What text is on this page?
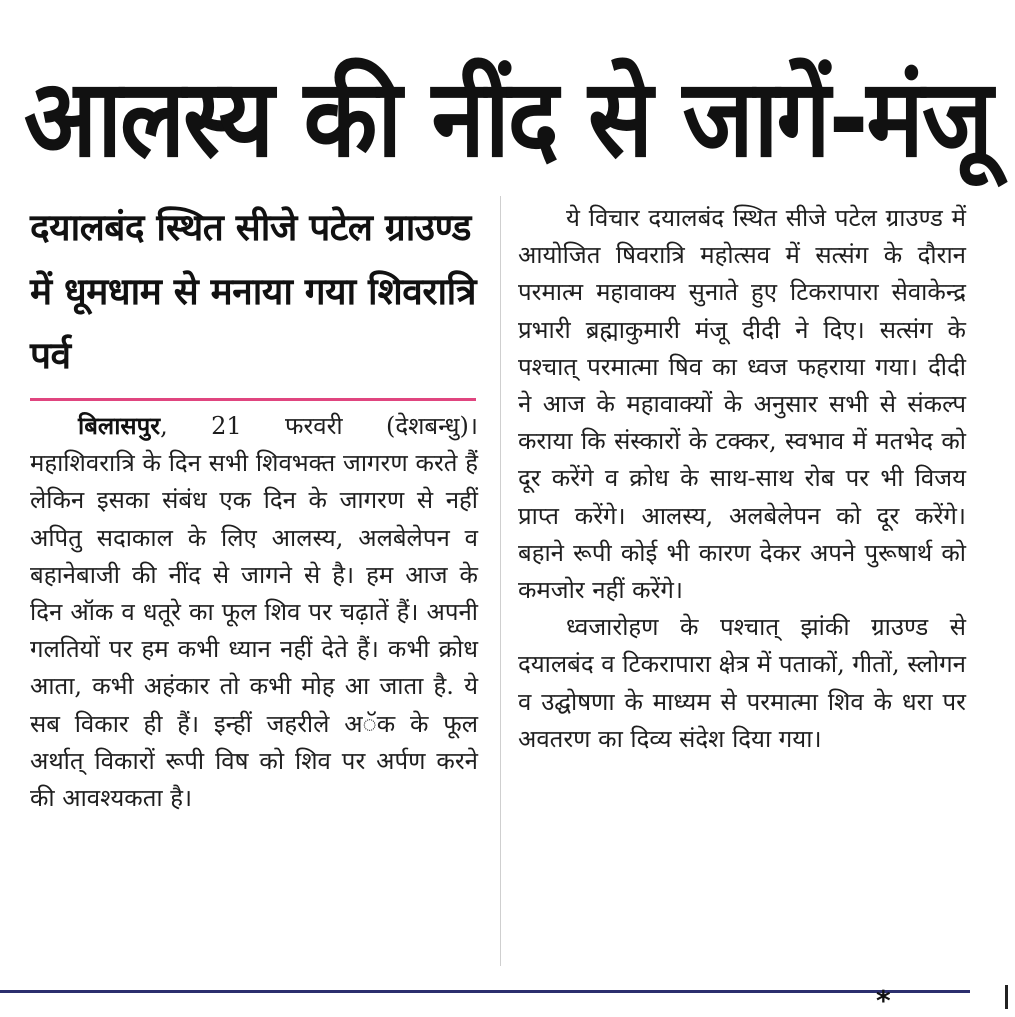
आलस्य की नींद से जागें-मंजू
दयालबंद स्थित सीजे पटेल ग्राउण्ड में धूमधाम से मनाया गया शिवरात्रि पर्व

बिलासपुर, 21 फरवरी (देशबन्धु)। महाशिवरात्रि के दिन सभी शिवभक्त जागरण करते हैं लेकिन इसका संबंध एक दिन के जागरण से नहीं अपितु सदाकाल के लिए आलस्य, अलबेलेपन व बहानेबाजी की नींद से जागने से है। हम आज के दिन ऑक व धतूरे का फूल शिव पर चढ़ातें हैं। अपनी गलतियों पर हम कभी ध्यान नहीं देते हैं। कभी क्रोध आता, कभी अहंकार तो कभी मोह आ जाता है. ये सब विकार ही हैं। इन्हीं जहरीले अॅक के फूल अर्थात् विकारों रूपी विष को शिव पर अर्पण करने की आवश्यकता है।

ये विचार दयालबंद स्थित सीजे पटेल ग्राउण्ड में आयोजित षिवरात्रि महोत्सव में सत्संग के दौरान परमात्म महावाक्य सुनाते हुए टिकरापारा सेवाकेन्द्र प्रभारी ब्रह्माकुमारी मंजू दीदी ने दिए। सत्संग के पश्चात् परमात्मा षिव का ध्वज फहराया गया। दीदी ने आज के महावाक्यों के अनुसार सभी से संकल्प कराया कि संस्कारों के टक्कर, स्वभाव में मतभेद को दूर करेंगे व क्रोध के साथ-साथ रोब पर भी विजय प्राप्त करेंगे। आलस्य, अलबेलेपन को दूर करेंगे। बहाने रूपी कोई भी कारण देकर अपने पुरूषार्थ को कमजोर नहीं करेंगे।

ध्वजारोहण के पश्चात् झांकी ग्राउण्ड से दयालबंद व टिकरापारा क्षेत्र में पताकों, गीतों, स्लोगन व उद्घोषणा के माध्यम से परमात्मा शिव के धरा पर अवतरण का दिव्य संदेश दिया गया।

*
